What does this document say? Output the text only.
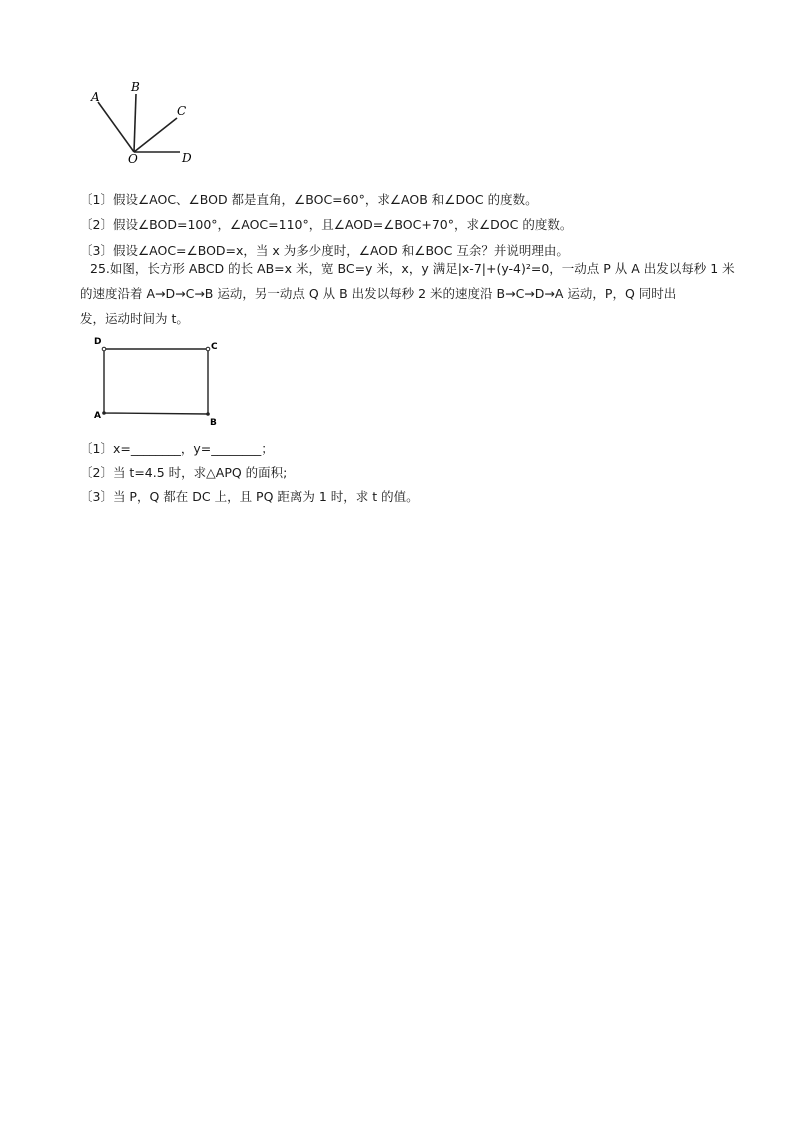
A
B
C
O	D
〔1〕假设∠AOC、∠BOD 都是直角，∠BOC=60°，求∠AOB 和∠DOC 的度数。
〔2〕假设∠BOD=100°，∠AOC=110°，且∠AOD=∠BOC+70°，求∠DOC 的度数。
〔3〕假设∠AOC=∠BOD=x，当 x 为多少度时，∠AOD 和∠BOC 互余？并说明理由。
25.如图，长方形 ABCD 的长 AB=x 米，宽 BC=y 米，x，y 满足|x-7|+(y-4)²=0，一动点 P 从 A 出发以每秒 1 米
的速度沿着 A→D→C→B 运动，另一动点 Q 从 B 出发以每秒 2 米的速度沿 B→C→D→A 运动，P，Q 同时出
发，运动时间为 t。
D	C
A
B
〔1〕x=________，y=________；
〔2〕当 t=4.5 时，求△APQ 的面积;
〔3〕当 P，Q 都在 DC 上，且 PQ 距离为 1 时，求 t 的值。
